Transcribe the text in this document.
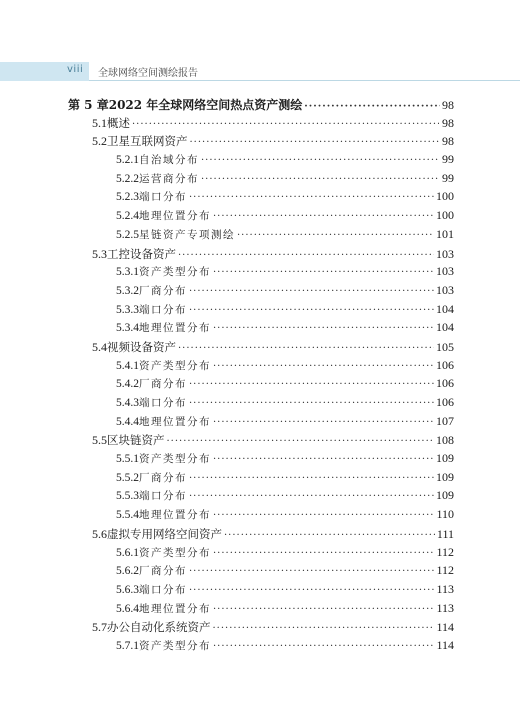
viii 全球网络空间测绘报告
第 5 章 2022 年全球网络空间热点资产测绘 ·····	98
5.1 概述 ·····	98
5.2 卫星互联网资产 ·····	98
5.2.1 自治域分布 ·····	99
5.2.2 运营商分布 ·····	99
5.2.3 端口分布 ·····	100
5.2.4 地理位置分布 ·····	100
5.2.5 星链资产专项测绘 ·····	101
5.3 工控设备资产 ·····	103
5.3.1 资产类型分布 ·····	103
5.3.2 厂商分布 ·····	103
5.3.3 端口分布 ·····	104
5.3.4 地理位置分布 ·····	104
5.4 视频设备资产 ·····	105
5.4.1 资产类型分布 ·····	106
5.4.2 厂商分布 ·····	106
5.4.3 端口分布 ·····	106
5.4.4 地理位置分布 ·····	107
5.5 区块链资产 ·····	108
5.5.1 资产类型分布 ·····	109
5.5.2 厂商分布 ·····	109
5.5.3 端口分布 ·····	109
5.5.4 地理位置分布 ·····	110
5.6 虚拟专用网络空间资产 ·····	111
5.6.1 资产类型分布 ·····	112
5.6.2 厂商分布 ·····	112
5.6.3 端口分布 ·····	113
5.6.4 地理位置分布 ·····	113
5.7 办公自动化系统资产 ·····	114
5.7.1 资产类型分布 ·····	114
